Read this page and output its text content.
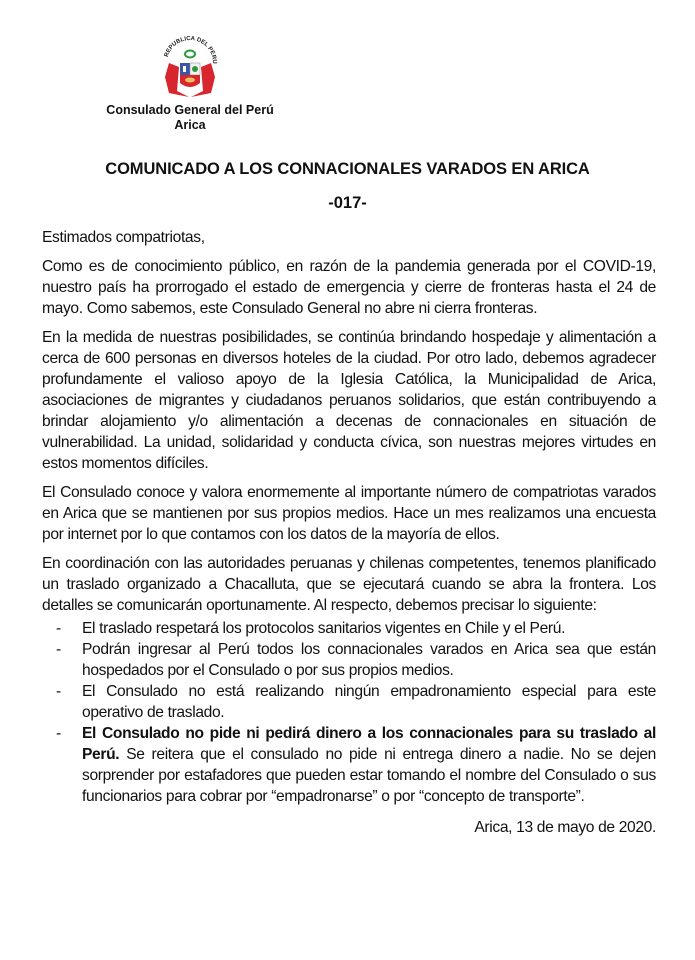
REPUBLICA DEL PERU
Consulado General del Perú
Arica
COMUNICADO A LOS CONNACIONALES VARADOS EN ARICA
-017-

Estimados compatriotas,

Como es de conocimiento público, en razón de la pandemia generada por el COVID-19, nuestro país ha prorrogado el estado de emergencia y cierre de fronteras hasta el 24 de mayo. Como sabemos, este Consulado General no abre ni cierra fronteras.

En la medida de nuestras posibilidades, se continúa brindando hospedaje y alimentación a cerca de 600 personas en diversos hoteles de la ciudad. Por otro lado, debemos agradecer profundamente el valioso apoyo de la Iglesia Católica, la Municipalidad de Arica, asociaciones de migrantes y ciudadanos peruanos solidarios, que están contribuyendo a brindar alojamiento y/o alimentación a decenas de connacionales en situación de vulnerabilidad. La unidad, solidaridad y conducta cívica, son nuestras mejores virtudes en estos momentos difíciles.

El Consulado conoce y valora enormemente al importante número de compatriotas varados en Arica que se mantienen por sus propios medios. Hace un mes realizamos una encuesta por internet por lo que contamos con los datos de la mayoría de ellos.

En coordinación con las autoridades peruanas y chilenas competentes, tenemos planificado un traslado organizado a Chacalluta, que se ejecutará cuando se abra la frontera. Los detalles se comunicarán oportunamente. Al respecto, debemos precisar lo siguiente:

- El traslado respetará los protocolos sanitarios vigentes en Chile y el Perú.
- Podrán ingresar al Perú todos los connacionales varados en Arica sea que están hospedados por el Consulado o por sus propios medios.
- El Consulado no está realizando ningún empadronamiento especial para este operativo de traslado.
- El Consulado no pide ni pedirá dinero a los connacionales para su traslado al Perú. Se reitera que el consulado no pide ni entrega dinero a nadie. No se dejen sorprender por estafadores que pueden estar tomando el nombre del Consulado o sus funcionarios para cobrar por “empadronarse” o por “concepto de transporte”.
Arica, 13 de mayo de 2020.
